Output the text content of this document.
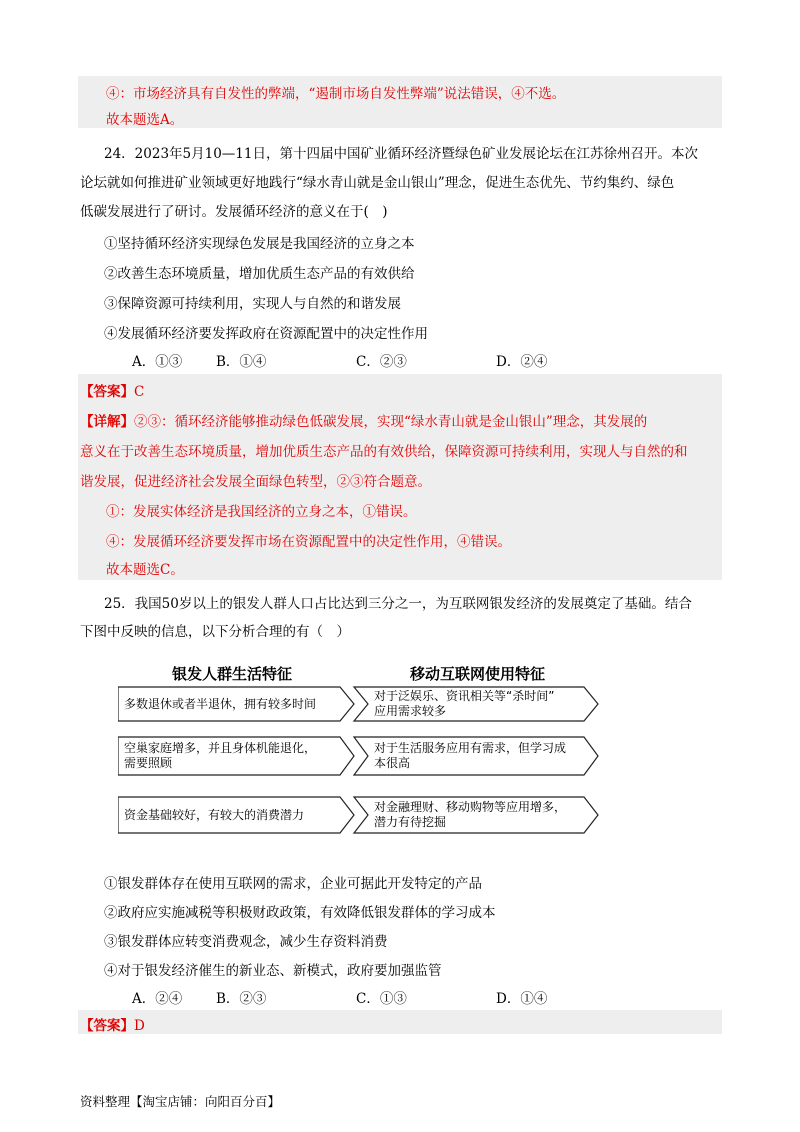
④：市场经济具有自发性的弊端，“遏制市场自发性弊端”说法错误，④不选。
故本题选A。
24．2023年5月10—11日，第十四届中国矿业循环经济暨绿色矿业发展论坛在江苏徐州召开。本次
论坛就如何推进矿业领域更好地践行“绿水青山就是金山银山”理念，促进生态优先、节约集约、绿色
低碳发展进行了研讨。发展循环经济的意义在于(　)
①坚持循环经济实现绿色发展是我国经济的立身之本
②改善生态环境质量，增加优质生态产品的有效供给
③保障资源可持续利用，实现人与自然的和谐发展
④发展循环经济要发挥政府在资源配置中的决定性作用
A．①③	B．①④	C．②③	D．②④
【答案】C
【详解】②③：循环经济能够推动绿色低碳发展，实现“绿水青山就是金山银山”理念，其发展的
意义在于改善生态环境质量，增加优质生态产品的有效供给，保障资源可持续利用，实现人与自然的和
谐发展，促进经济社会发展全面绿色转型，②③符合题意。
①：发展实体经济是我国经济的立身之本，①错误。
④：发展循环经济要发挥市场在资源配置中的决定性作用，④错误。
故本题选C。
25．我国50岁以上的银发人群人口占比达到三分之一，为互联网银发经济的发展奠定了基础。结合
下图中反映的信息，以下分析合理的有（　）
银发人群生活特征	移动互联网使用特征
多数退休或者半退休，拥有较多时间
对于泛娱乐、资讯相关等“杀时间”
应用需求较多
空巢家庭增多，并且身体机能退化，
需要照顾
对于生活服务应用有需求，但学习成
本很高
资金基础较好，有较大的消费潜力
对金融理财、移动购物等应用增多，
潜力有待挖掘
①银发群体存在使用互联网的需求，企业可据此开发特定的产品
②政府应实施减税等积极财政政策，有效降低银发群体的学习成本
③银发群体应转变消费观念，减少生存资料消费
④对于银发经济催生的新业态、新模式，政府要加强监管
A．②④	B．②③	C．①③	D．①④
【答案】D
资料整理【淘宝店铺：向阳百分百】
